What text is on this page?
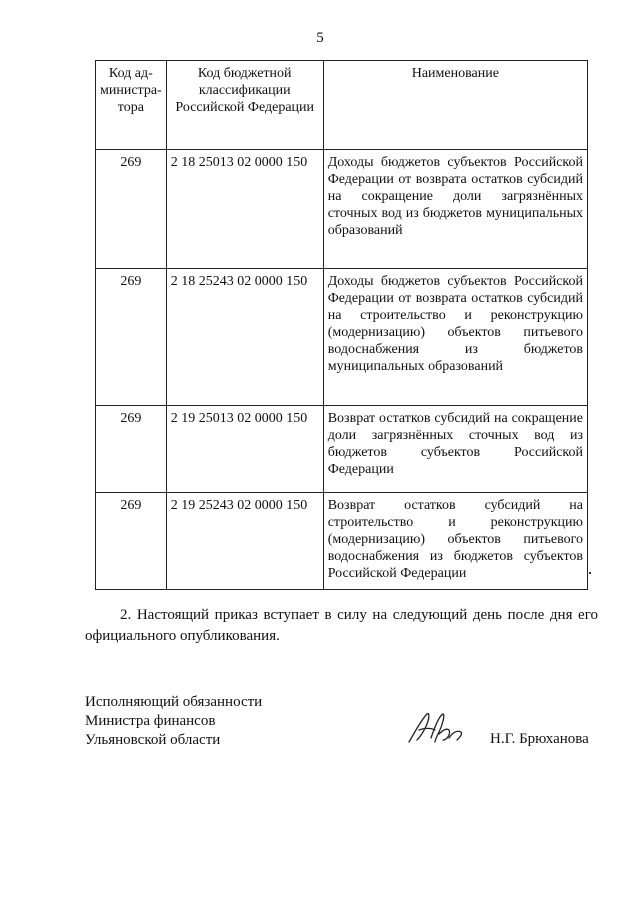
5
Код ад-министра-тора	Код бюджетной классификации Российской Федерации	Наименование
269	2 18 25013 02 0000 150	Доходы бюджетов субъектов Российской Федерации от возврата остатков субсидий на сокращение доли загрязнённых сточных вод из бюджетов муниципальных образований
269	2 18 25243 02 0000 150	Доходы бюджетов субъектов Российской Федерации от возврата остатков субсидий на строительство и реконструкцию (модернизацию) объектов питьевого водоснабжения из бюджетов муниципальных образований
269	2 19 25013 02 0000 150	Возврат остатков субсидий на сокращение доли загрязнённых сточных вод из бюджетов субъектов Российской Федерации
269	2 19 25243 02 0000 150	Возврат остатков субсидий на строительство и реконструкцию (модернизацию) объектов питьевого водоснабжения из бюджетов субъектов Российской Федерации
2. Настоящий приказ вступает в силу на следующий день после дня его официального опубликования.
Исполняющий обязанности
Министра финансов
Ульяновской области	Н.Г. Брюханова
